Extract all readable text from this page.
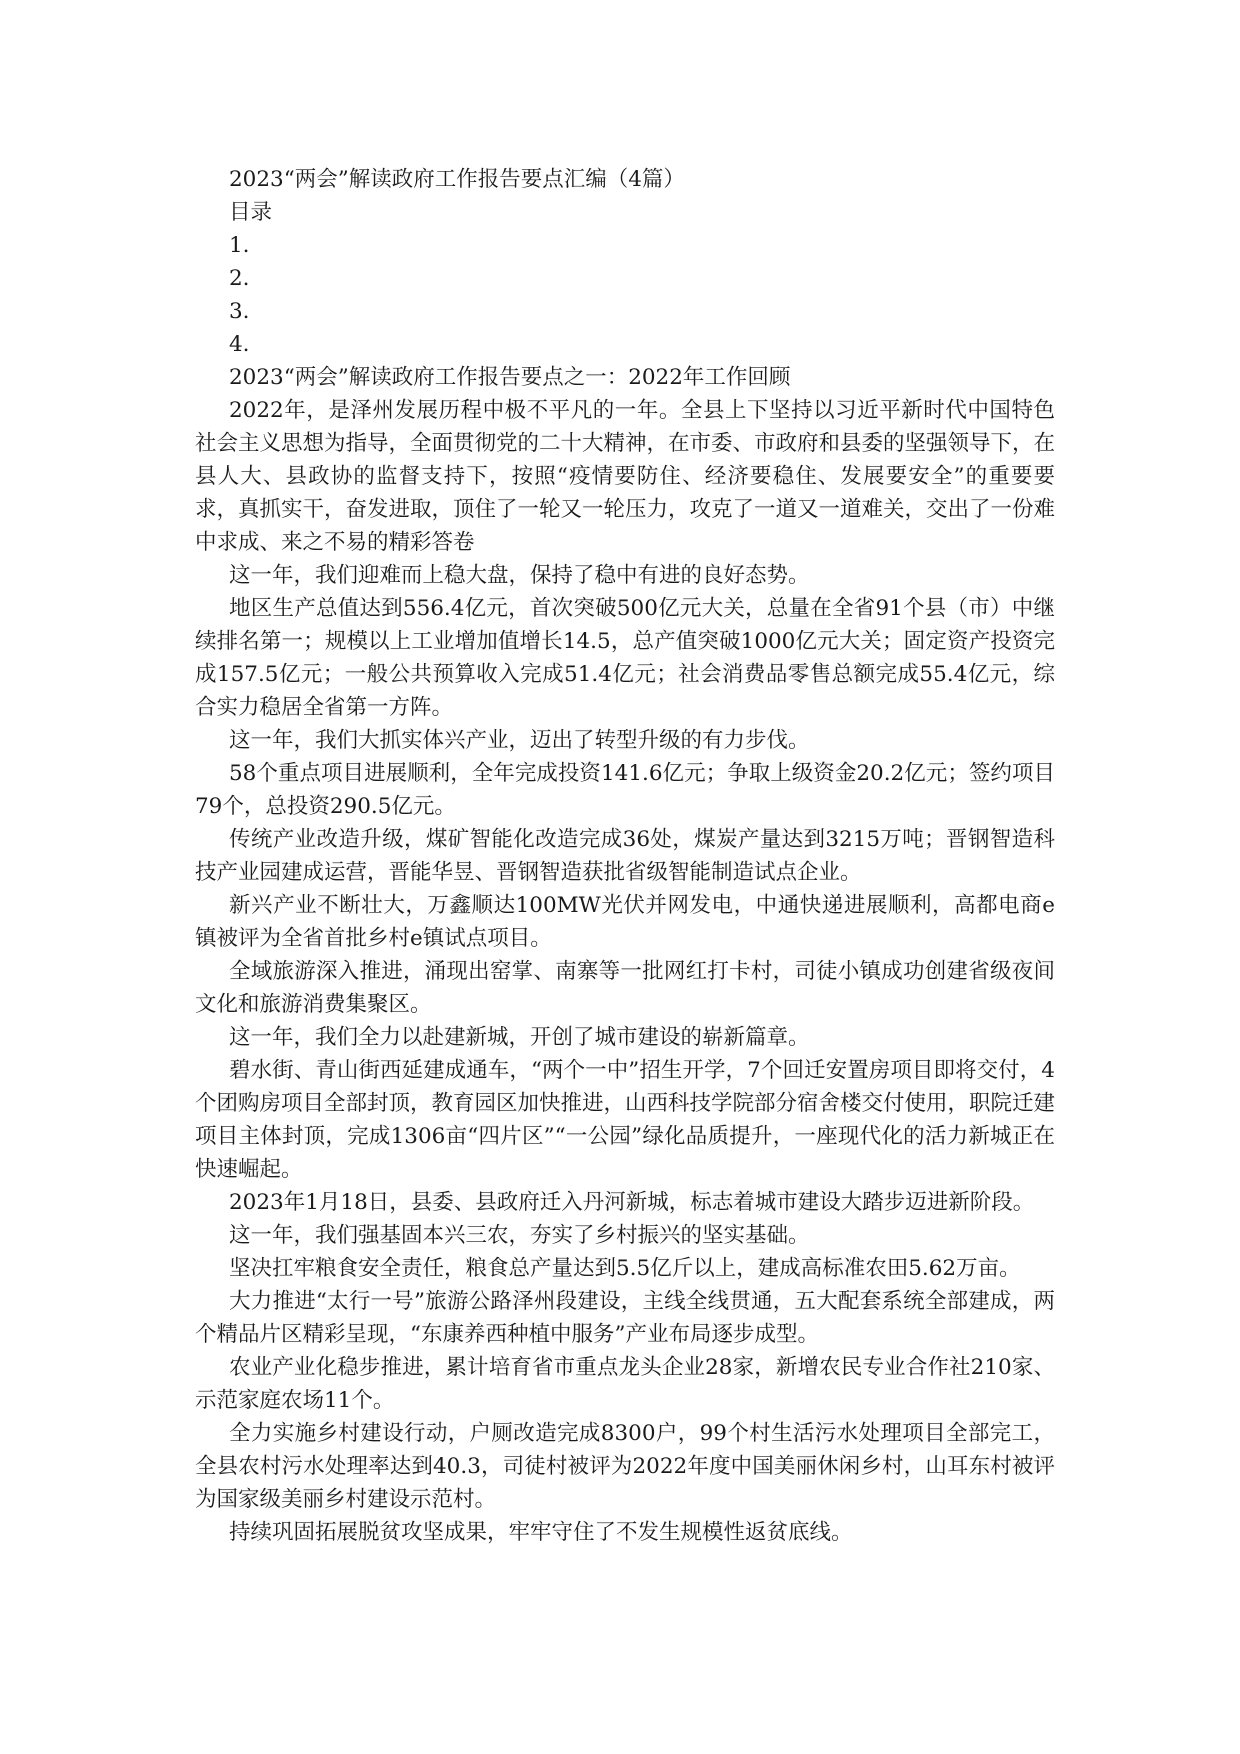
2023“两会”解读政府工作报告要点汇编（4篇）

目录

1.

2.

3.

4.

2023“两会”解读政府工作报告要点之一：2022年工作回顾

2022年，是泽州发展历程中极不平凡的一年。全县上下坚持以习近平新时代中国特色社会主义思想为指导，全面贯彻党的二十大精神，在市委、市政府和县委的坚强领导下，在县人大、县政协的监督支持下，按照“疫情要防住、经济要稳住、发展要安全”的重要要求，真抓实干，奋发进取，顶住了一轮又一轮压力，攻克了一道又一道难关，交出了一份难中求成、来之不易的精彩答卷

这一年，我们迎难而上稳大盘，保持了稳中有进的良好态势。

地区生产总值达到556.4亿元，首次突破500亿元大关，总量在全省91个县（市）中继续排名第一；规模以上工业增加值增长14.5，总产值突破1000亿元大关；固定资产投资完成157.5亿元；一般公共预算收入完成51.4亿元；社会消费品零售总额完成55.4亿元，综合实力稳居全省第一方阵。

这一年，我们大抓实体兴产业，迈出了转型升级的有力步伐。

58个重点项目进展顺利，全年完成投资141.6亿元；争取上级资金20.2亿元；签约项目79个，总投资290.5亿元。

传统产业改造升级，煤矿智能化改造完成36处，煤炭产量达到3215万吨；晋钢智造科技产业园建成运营，晋能华昱、晋钢智造获批省级智能制造试点企业。

新兴产业不断壮大，万鑫顺达100MW光伏并网发电，中通快递进展顺利，高都电商e镇被评为全省首批乡村e镇试点项目。

全域旅游深入推进，涌现出窑掌、南寨等一批网红打卡村，司徒小镇成功创建省级夜间文化和旅游消费集聚区。

这一年，我们全力以赴建新城，开创了城市建设的崭新篇章。

碧水街、青山街西延建成通车，“两个一中”招生开学，7个回迁安置房项目即将交付，4个团购房项目全部封顶，教育园区加快推进，山西科技学院部分宿舍楼交付使用，职院迁建项目主体封顶，完成1306亩“四片区”“一公园”绿化品质提升，一座现代化的活力新城正在快速崛起。

2023年1月18日，县委、县政府迁入丹河新城，标志着城市建设大踏步迈进新阶段。

这一年，我们强基固本兴三农，夯实了乡村振兴的坚实基础。

坚决扛牢粮食安全责任，粮食总产量达到5.5亿斤以上，建成高标准农田5.62万亩。

大力推进“太行一号”旅游公路泽州段建设，主线全线贯通，五大配套系统全部建成，两个精品片区精彩呈现，“东康养西种植中服务”产业布局逐步成型。

农业产业化稳步推进，累计培育省市重点龙头企业28家，新增农民专业合作社210家、示范家庭农场11个。

全力实施乡村建设行动，户厕改造完成8300户，99个村生活污水处理项目全部完工，全县农村污水处理率达到40.3，司徒村被评为2022年度中国美丽休闲乡村，山耳东村被评为国家级美丽乡村建设示范村。

持续巩固拓展脱贫攻坚成果，牢牢守住了不发生规模性返贫底线。
